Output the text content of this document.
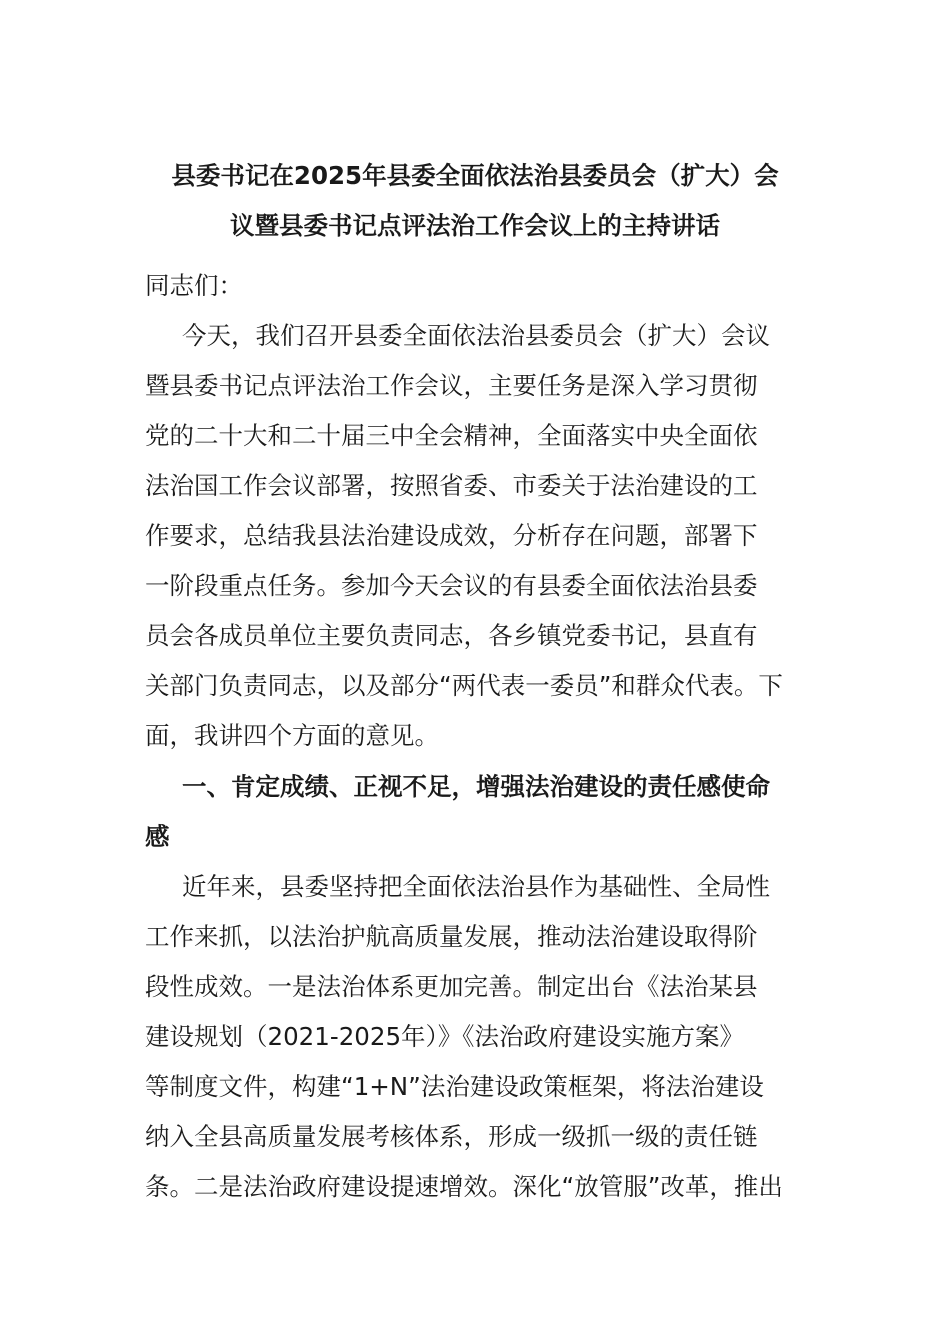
县委书记在2025年县委全面依法治县委员会（扩大）会
议暨县委书记点评法治工作会议上的主持讲话
同志们：
今天，我们召开县委全面依法治县委员会（扩大）会议
暨县委书记点评法治工作会议，主要任务是深入学习贯彻
党的二十大和二十届三中全会精神，全面落实中央全面依
法治国工作会议部署，按照省委、市委关于法治建设的工
作要求，总结我县法治建设成效，分析存在问题，部署下
一阶段重点任务。参加今天会议的有县委全面依法治县委
员会各成员单位主要负责同志，各乡镇党委书记，县直有
关部门负责同志，以及部分“两代表一委员”和群众代表。下
面，我讲四个方面的意见。
一、肯定成绩、正视不足，增强法治建设的责任感使命
感
近年来，县委坚持把全面依法治县作为基础性、全局性
工作来抓，以法治护航高质量发展，推动法治建设取得阶
段性成效。一是法治体系更加完善。制定出台《法治某县
建设规划（2021-2025年）》《法治政府建设实施方案》
等制度文件，构建“1+N”法治建设政策框架，将法治建设
纳入全县高质量发展考核体系，形成一级抓一级的责任链
条。二是法治政府建设提速增效。深化“放管服”改革，推出
